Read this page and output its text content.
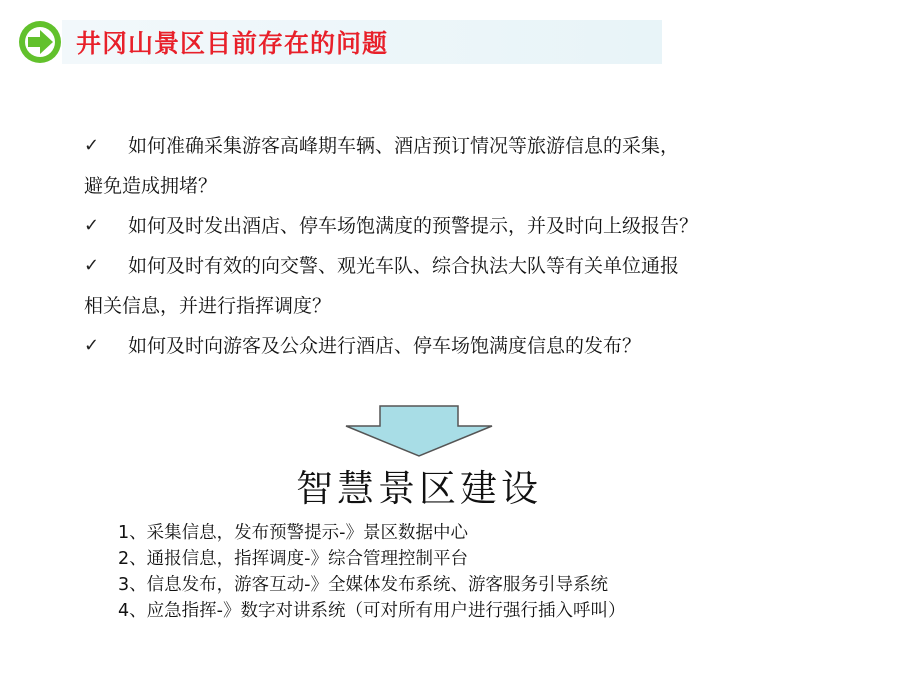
井冈山景区目前存在的问题
✓	如何准确采集游客高峰期车辆、酒店预订情况等旅游信息的采集，
避免造成拥堵？
✓	如何及时发出酒店、停车场饱满度的预警提示，并及时向上级报告？
✓	如何及时有效的向交警、观光车队、综合执法大队等有关单位通报
相关信息，并进行指挥调度？
✓	如何及时向游客及公众进行酒店、停车场饱满度信息的发布？
智慧景区建设
1、采集信息，发布预警提示-》景区数据中心
2、通报信息，指挥调度-》综合管理控制平台
3、信息发布，游客互动-》全媒体发布系统、游客服务引导系统
4、应急指挥-》数字对讲系统（可对所有用户进行强行插入呼叫）
